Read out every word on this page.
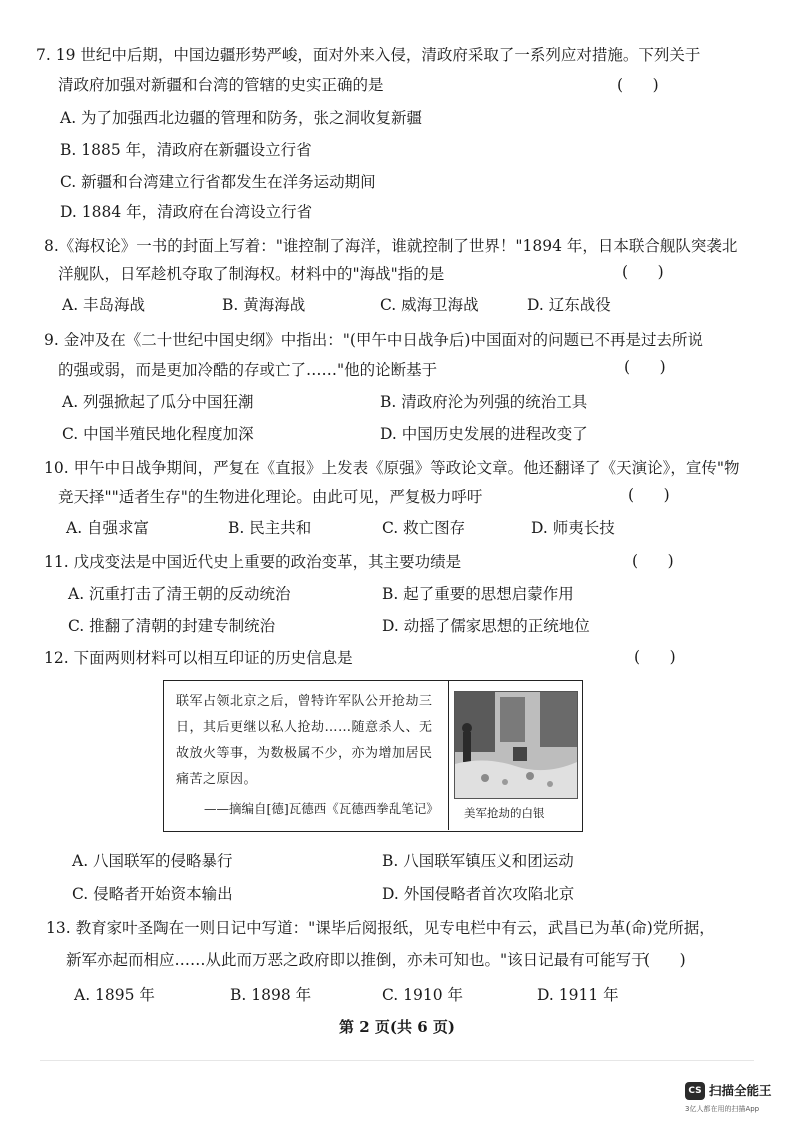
7. 19 世纪中后期，中国边疆形势严峻，面对外来入侵，清政府采取了一系列应对措施。下列关于
清政府加强对新疆和台湾的管辖的史实正确的是	(      )
A. 为了加强西北边疆的管理和防务，张之洞收复新疆
B. 1885 年，清政府在新疆设立行省
C. 新疆和台湾建立行省都发生在洋务运动期间
D. 1884 年，清政府在台湾设立行省
8.《海权论》一书的封面上写着："谁控制了海洋，谁就控制了世界！"1894 年，日本联合舰队突袭北
洋舰队，日军趁机夺取了制海权。材料中的"海战"指的是	(      )
A. 丰岛海战	B. 黄海海战	C. 威海卫海战	D. 辽东战役
9. 金冲及在《二十世纪中国史纲》中指出："(甲午中日战争后)中国面对的问题已不再是过去所说
的强或弱，而是更加冷酷的存或亡了……"他的论断基于	(      )
A. 列强掀起了瓜分中国狂潮	B. 清政府沦为列强的统治工具
C. 中国半殖民地化程度加深	D. 中国历史发展的进程改变了
10. 甲午中日战争期间，严复在《直报》上发表《原强》等政论文章。他还翻译了《天演论》，宣传"物
竞天择""适者生存"的生物进化理论。由此可见，严复极力呼吁	(      )
A. 自强求富	B. 民主共和	C. 救亡图存	D. 师夷长技
11. 戊戌变法是中国近代史上重要的政治变革，其主要功绩是	(      )
A. 沉重打击了清王朝的反动统治	B. 起了重要的思想启蒙作用
C. 推翻了清朝的封建专制统治	D. 动摇了儒家思想的正统地位
12. 下面两则材料可以相互印证的历史信息是	(      )
联军占领北京之后，曾特许军队公开抢劫三日，其后更继以私人抢劫……随意杀人、无故放火等事，为数极属不少，亦为增加居民痛苦之原因。
——摘编自[德]瓦德西《瓦德西拳乱笔记》 美军抢劫的白银
A. 八国联军的侵略暴行	B. 八国联军镇压义和团运动
C. 侵略者开始资本输出	D. 外国侵略者首次攻陷北京
13. 教育家叶圣陶在一则日记中写道："课毕后阅报纸，见专电栏中有云，武昌已为革(命)党所据，
新军亦起而相应……从此而万恶之政府即以推倒，亦未可知也。"该日记最有可能写于
(      )
A. 1895 年	B. 1898 年	C. 1910 年	D. 1911 年
第 2 页(共 6 页)
CS 扫描全能王
3亿人都在用的扫描App
